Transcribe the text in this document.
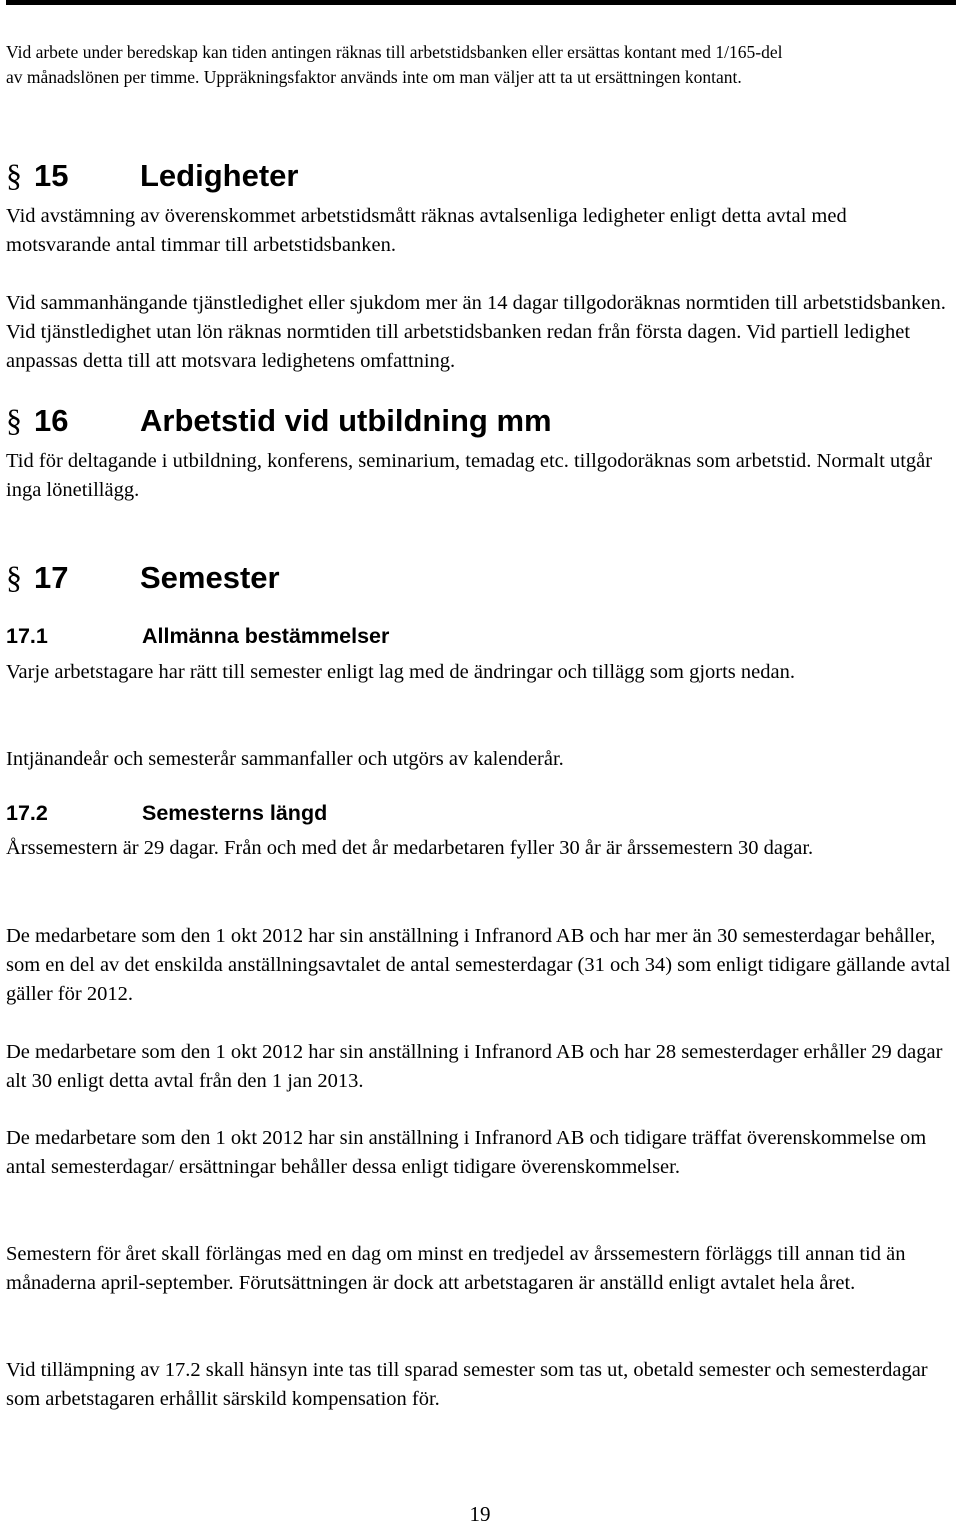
Vid arbete under beredskap kan tiden antingen räknas till arbetstidsbanken eller ersättas kontant med 1/165-del
av månadslönen per timme. Uppräkningsfaktor används inte om man väljer att ta ut ersättningen kontant.

§ 15 Ledigheter

Vid avstämning av överenskommet arbetstidsmått räknas avtalsenliga ledigheter enligt detta avtal med motsvarande antal timmar till arbetstidsbanken.

Vid sammanhängande tjänstledighet eller sjukdom mer än 14 dagar tillgodoräknas normtiden till arbetstidsbanken. Vid tjänstledighet utan lön räknas normtiden till arbetstidsbanken redan från första dagen. Vid partiell ledighet anpassas detta till att motsvara ledighetens omfattning.

§ 16 Arbetstid vid utbildning mm

Tid för deltagande i utbildning, konferens, seminarium, temadag etc. tillgodoräknas som arbetstid. Normalt utgår inga lönetillägg.

§ 17 Semester
17.1	Allmänna bestämmelser

Varje arbetstagare har rätt till semester enligt lag med de ändringar och tillägg som gjorts nedan.

Intjänandeår och semesterår sammanfaller och utgörs av kalenderår.

17.2	Semesterns längd

Årssemestern är 29 dagar. Från och med det år medarbetaren fyller 30 år är årssemestern 30 dagar.

De medarbetare som den 1 okt 2012 har sin anställning i Infranord AB och har mer än 30 semesterdagar behåller, som en del av det enskilda anställningsavtalet de antal semesterdagar (31 och 34) som enligt tidigare gällande avtal gäller för 2012.

De medarbetare som den 1 okt 2012 har sin anställning i Infranord AB och har 28 semesterdager erhåller 29 dagar alt 30 enligt detta avtal från den 1 jan 2013.

De medarbetare som den 1 okt 2012 har sin anställning i Infranord AB och tidigare träffat överenskommelse om antal semesterdagar/ ersättningar behåller dessa enligt tidigare överenskommelser.

Semestern för året skall förlängas med en dag om minst en tredjedel av årssemestern förläggs till annan tid än månaderna april-september. Förutsättningen är dock att arbetstagaren är anställd enligt avtalet hela året.

Vid tillämpning av 17.2 skall hänsyn inte tas till sparad semester som tas ut, obetald semester och semesterdagar som arbetstagaren erhållit särskild kompensation för.

19
